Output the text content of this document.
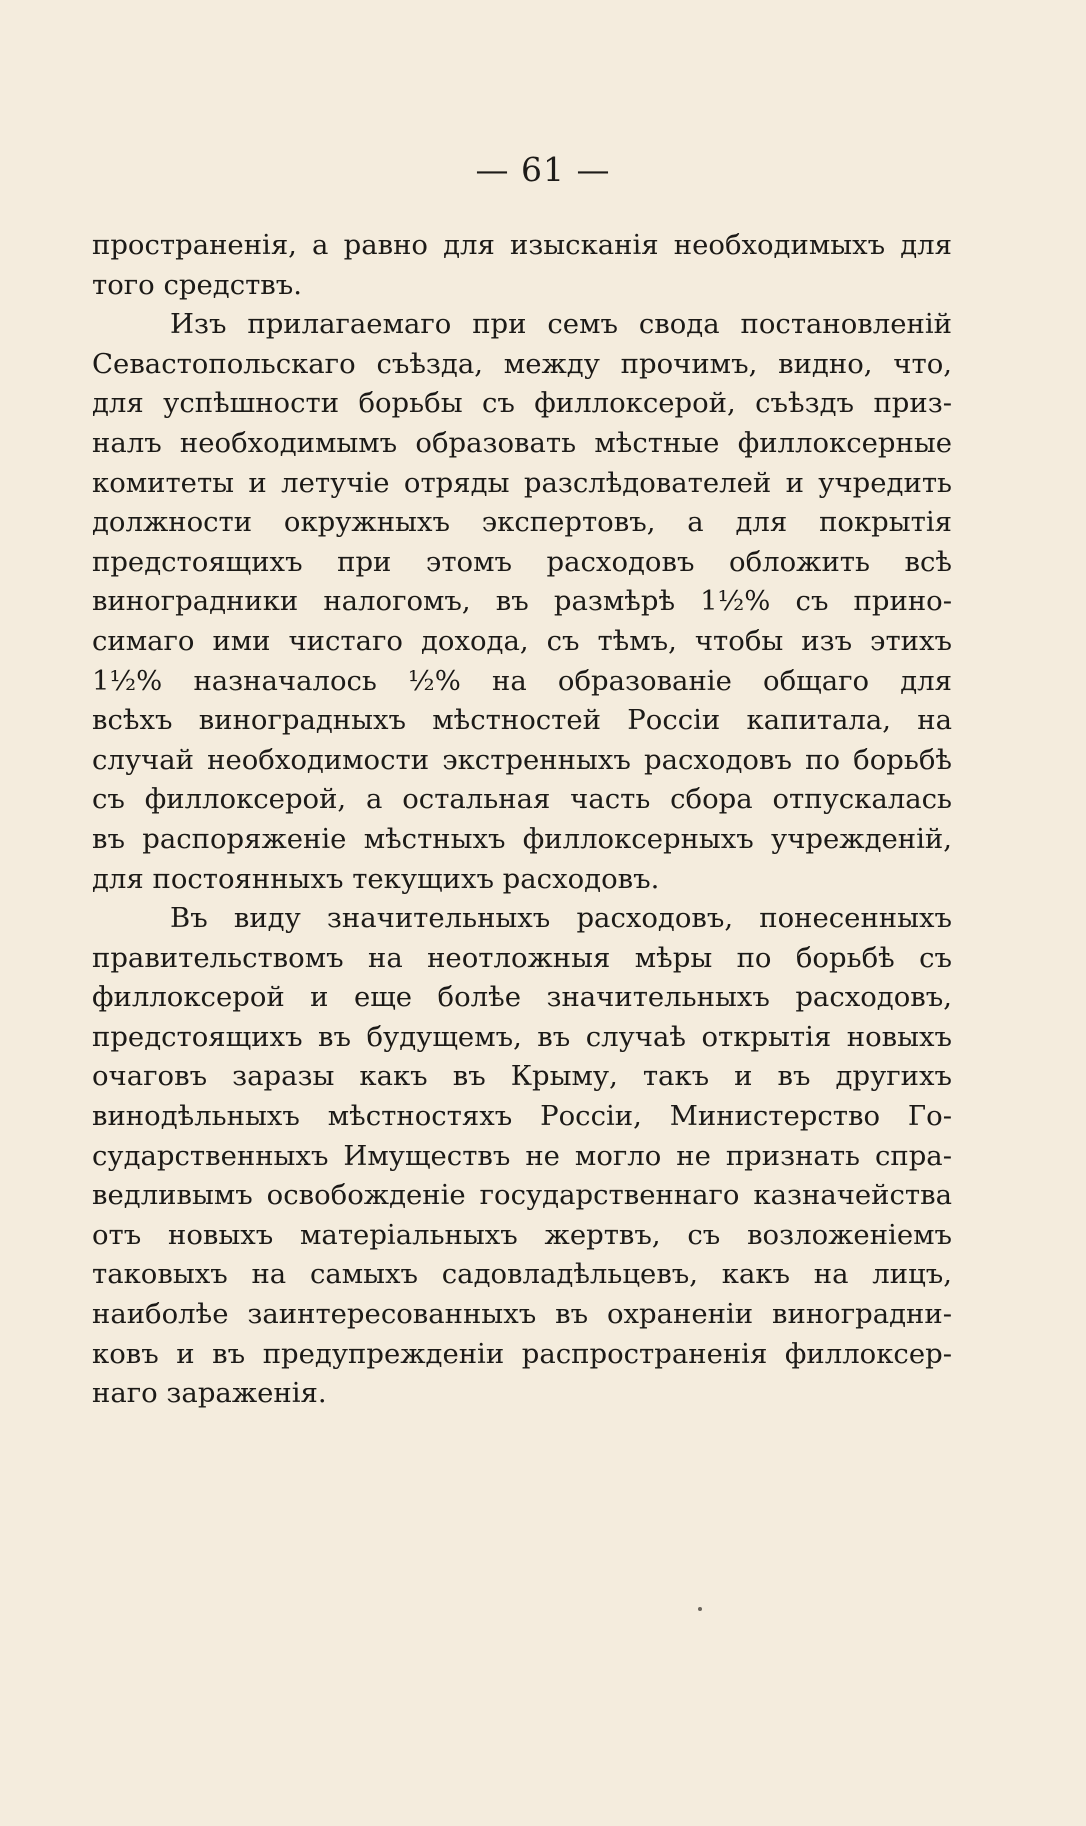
— 61 —
пространенія, а равно для изысканія необходимыхъ для
того средствъ.
Изъ прилагаемаго при семъ свода постановленій
Севастопольскаго съѣзда, между прочимъ, видно, что,
для успѣшности борьбы съ филлоксерой, съѣздъ приз-
налъ необходимымъ образовать мѣстные филлоксерные
комитеты и летучіе отряды разслѣдователей и учредить
должности окружныхъ экспертовъ, а для покрытія
предстоящихъ при этомъ расходовъ обложить всѣ
виноградники налогомъ, въ размѣрѣ 1½% съ прино-
симаго ими чистаго дохода, съ тѣмъ, чтобы изъ этихъ
1½% назначалось ½% на образованіе общаго для
всѣхъ виноградныхъ мѣстностей Россіи капитала, на
случай необходимости экстренныхъ расходовъ по борьбѣ
съ филлоксерой, а остальная часть сбора отпускалась
въ распоряженіе мѣстныхъ филлоксерныхъ учрежденій,
для постоянныхъ текущихъ расходовъ.
Въ виду значительныхъ расходовъ, понесенныхъ
правительствомъ на неотложныя мѣры по борьбѣ съ
филлоксерой и еще болѣе значительныхъ расходовъ,
предстоящихъ въ будущемъ, въ случаѣ открытія новыхъ
очаговъ заразы какъ въ Крыму, такъ и въ другихъ
винодѣльныхъ мѣстностяхъ Россіи, Министерство Го-
сударственныхъ Имуществъ не могло не признать спра-
ведливымъ освобожденіе государственнаго казначейства
отъ новыхъ матеріальныхъ жертвъ, съ возложеніемъ
таковыхъ на самыхъ садовладѣльцевъ, какъ на лицъ,
наиболѣе заинтересованныхъ въ охраненіи виноградни-
ковъ и въ предупрежденіи распространенія филлоксер-
наго зараженія.
